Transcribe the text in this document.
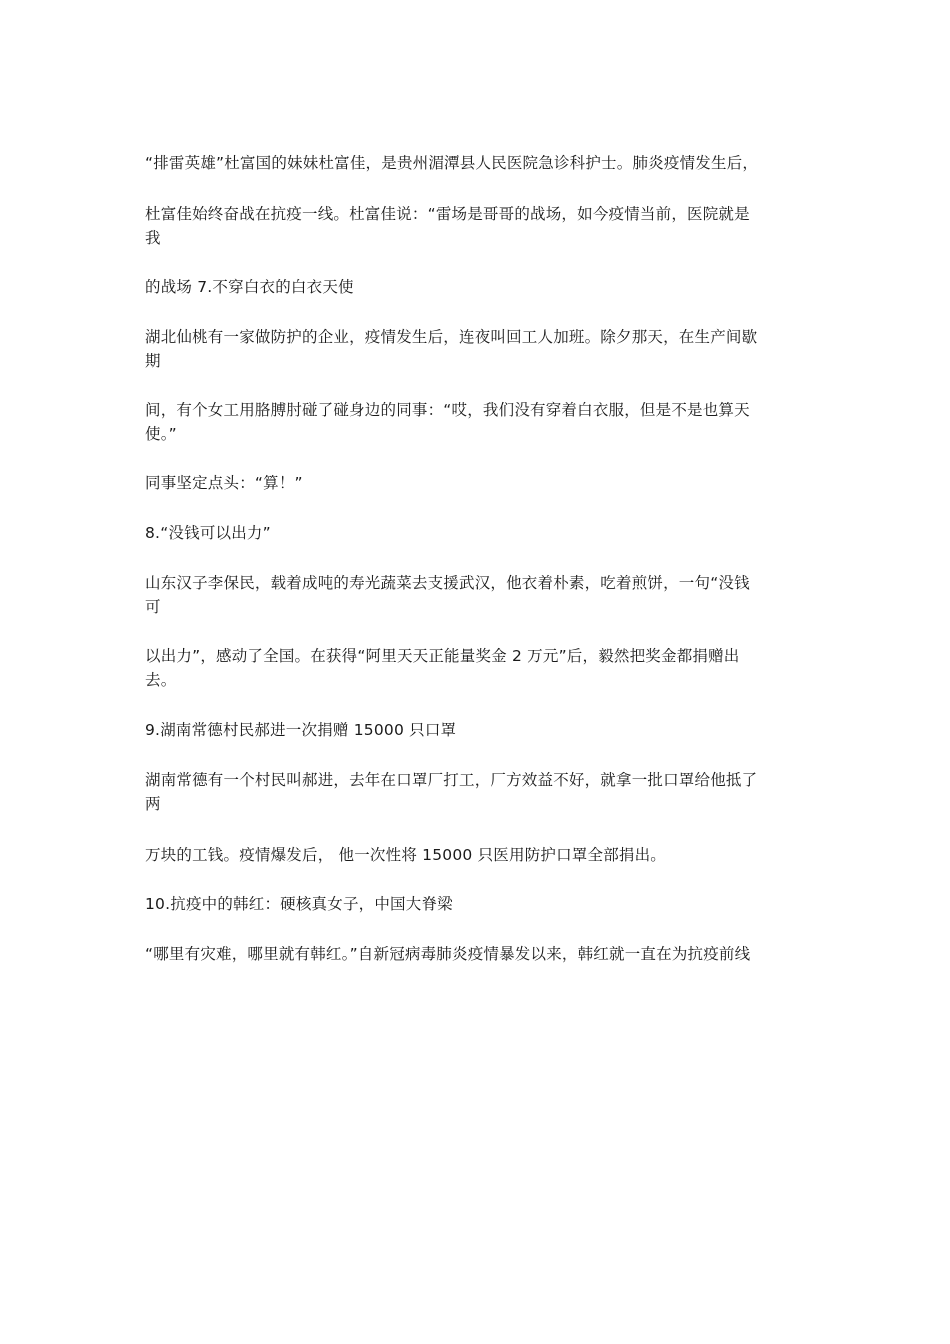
“排雷英雄”杜富国的妹妹杜富佳，是贵州湄潭县人民医院急诊科护士。肺炎疫情发生后，

杜富佳始终奋战在抗疫一线。杜富佳说：“雷场是哥哥的战场，如今疫情当前，医院就是

我

的战场 7.不穿白衣的白衣天使

湖北仙桃有一家做防护的企业，疫情发生后，连夜叫回工人加班。除夕那天，在生产间歇

期

间，有个女工用胳膊肘碰了碰身边的同事：“哎，我们没有穿着白衣服，但是不是也算天

使。”

同事坚定点头：“算！”

8.“没钱可以出力”

山东汉子李保民，载着成吨的寿光蔬菜去支援武汉，他衣着朴素，吃着煎饼，一句“没钱

可

以出力”，感动了全国。在获得“阿里天天正能量奖金 2 万元”后，毅然把奖金都捐赠出

去。

9.湖南常德村民郝进一次捐赠 15000 只口罩

湖南常德有一个村民叫郝进，去年在口罩厂打工，厂方效益不好，就拿一批口罩给他抵了

两

万块的工钱。疫情爆发后， 他一次性将 15000 只医用防护口罩全部捐出。

10.抗疫中的韩红：硬核真女子，中国大脊梁

“哪里有灾难，哪里就有韩红。”自新冠病毒肺炎疫情暴发以来，韩红就一直在为抗疫前线
